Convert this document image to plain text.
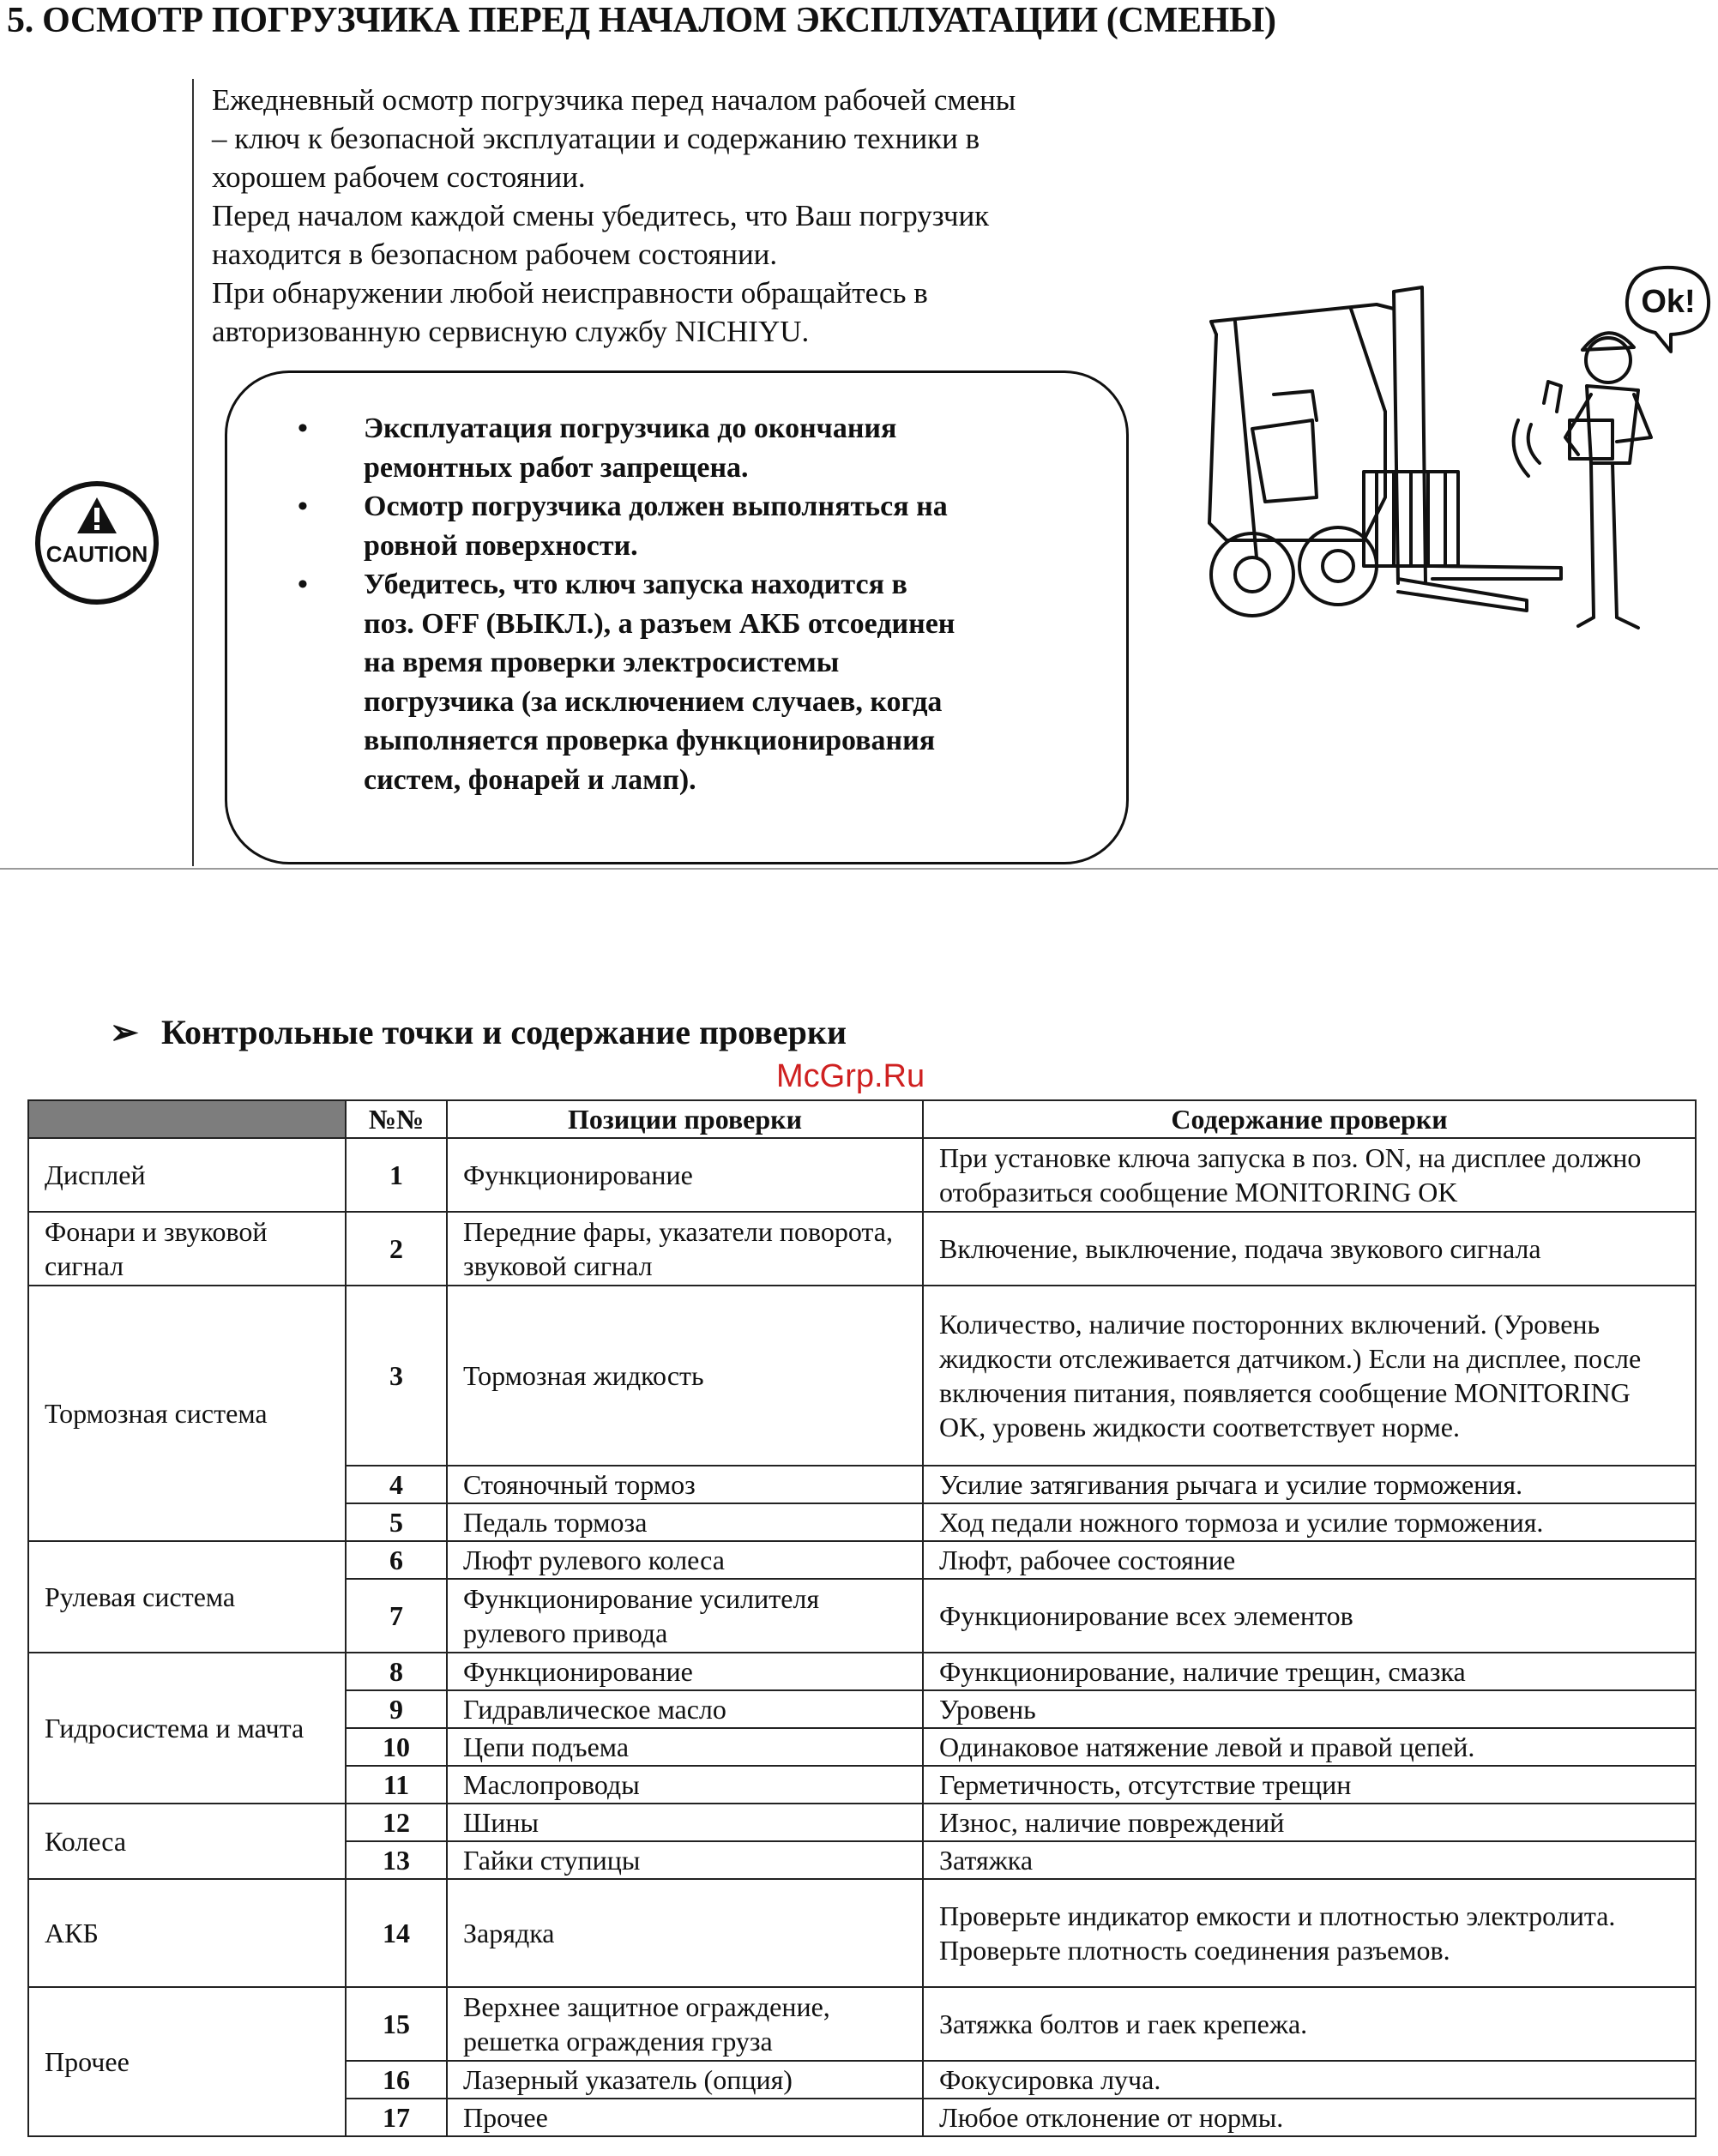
5. ОСМОТР ПОГРУЗЧИКА ПЕРЕД НАЧАЛОМ ЭКСПЛУАТАЦИИ (СМЕНЫ)
CAUTION
Ежедневный осмотр погрузчика перед началом рабочей смены
– ключ к безопасной эксплуатации и содержанию техники в
хорошем рабочем состоянии.
Перед началом каждой смены убедитесь, что Ваш погрузчик
находится в безопасном рабочем состоянии.
При обнаружении любой неисправности обращайтесь в
авторизованную сервисную службу NICHIYU.
• Эксплуатация погрузчика до окончания
ремонтных работ запрещена.
• Осмотр погрузчика должен выполняться на
ровной поверхности.
• Убедитесь, что ключ запуска находится в
поз. OFF (ВЫКЛ.), а разъем АКБ отсоединен
на время проверки электросистемы
погрузчика (за исключением случаев, когда
выполняется проверка функционирования
систем, фонарей и ламп).
Ok!
➢ Контрольные точки и содержание проверки
McGrp.Ru
	№№	Позиции проверки	Содержание проверки
Дисплей	1	Функционирование	При установке ключа запуска в поз. ON, на дисплее должно отобразиться сообщение MONITORING OK
Фонари и звуковой сигнал	2	Передние фары, указатели поворота, звуковой сигнал	Включение, выключение, подача звукового сигнала
Тормозная система	3	Тормозная жидкость	Количество, наличие посторонних включений. (Уровень жидкости отслеживается датчиком.) Если на дисплее, после включения питания, появляется сообщение MONITORING OK, уровень жидкости соответствует норме.
	4	Стояночный тормоз	Усилие затягивания рычага и усилие торможения.
	5	Педаль тормоза	Ход педали ножного тормоза и усилие торможения.
Рулевая система	6	Люфт рулевого колеса	Люфт, рабочее состояние
	7	Функционирование усилителя рулевого привода	Функционирование всех элементов
Гидросистема и мачта	8	Функционирование	Функционирование, наличие трещин, смазка
	9	Гидравлическое масло	Уровень
	10	Цепи подъема	Одинаковое натяжение левой и правой цепей.
	11	Маслопроводы	Герметичность, отсутствие трещин
Колеса	12	Шины	Износ, наличие повреждений
	13	Гайки ступицы	Затяжка
АКБ	14	Зарядка	Проверьте индикатор емкости и плотностью электролита. Проверьте плотность соединения разъемов.
Прочее	15	Верхнее защитное ограждение, решетка ограждения груза	Затяжка болтов и гаек крепежа.
	16	Лазерный указатель (опция)	Фокусировка луча.
	17	Прочее	Любое отклонение от нормы.
